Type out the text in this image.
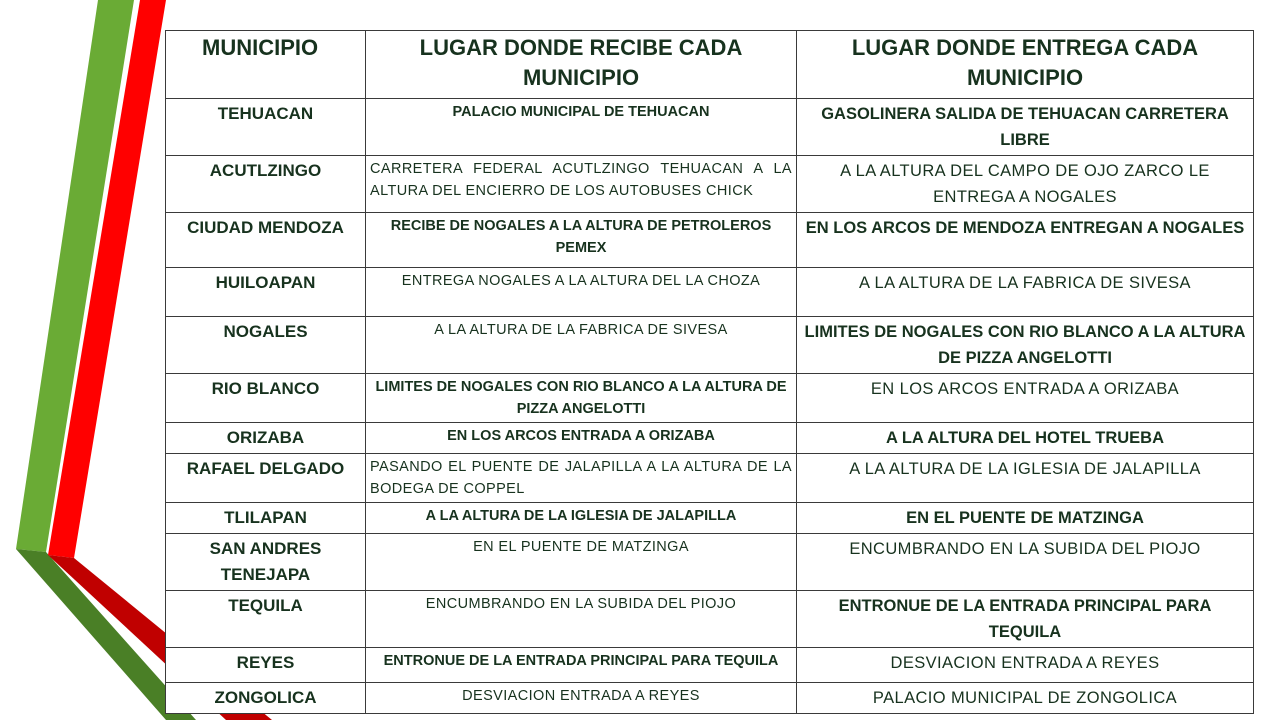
MUNICIPIO	LUGAR DONDE RECIBE CADA MUNICIPIO	LUGAR DONDE ENTREGA CADA MUNICIPIO
TEHUACAN	PALACIO MUNICIPAL DE TEHUACAN	GASOLINERA SALIDA DE TEHUACAN CARRETERA LIBRE
ACUTLZINGO	CARRETERA FEDERAL ACUTLZINGO TEHUACAN A LA ALTURA DEL ENCIERRO DE LOS AUTOBUSES CHICK	A LA ALTURA DEL CAMPO DE OJO ZARCO LE ENTREGA A NOGALES
CIUDAD MENDOZA	RECIBE DE NOGALES A LA ALTURA DE PETROLEROS PEMEX	EN LOS ARCOS DE MENDOZA ENTREGAN A NOGALES
HUILOAPAN	ENTREGA NOGALES A LA ALTURA DEL LA CHOZA	A LA ALTURA DE LA FABRICA DE SIVESA
NOGALES	A LA ALTURA DE LA FABRICA DE SIVESA	LIMITES DE NOGALES CON RIO BLANCO A LA ALTURA DE PIZZA ANGELOTTI
RIO BLANCO	LIMITES DE NOGALES CON RIO BLANCO A LA ALTURA DE PIZZA ANGELOTTI	EN LOS ARCOS ENTRADA A ORIZABA
ORIZABA	EN LOS ARCOS ENTRADA A ORIZABA	A LA ALTURA DEL HOTEL TRUEBA
RAFAEL DELGADO	PASANDO EL PUENTE DE JALAPILLA A LA ALTURA DE LA BODEGA DE COPPEL	A LA ALTURA DE LA IGLESIA DE JALAPILLA
TLILAPAN	A LA ALTURA DE LA IGLESIA DE JALAPILLA	EN EL PUENTE DE MATZINGA
SAN ANDRES TENEJAPA	EN EL PUENTE DE MATZINGA	ENCUMBRANDO EN LA SUBIDA DEL PIOJO
TEQUILA	ENCUMBRANDO EN LA SUBIDA DEL PIOJO	ENTRONUE DE LA ENTRADA PRINCIPAL PARA TEQUILA
REYES	ENTRONUE DE LA ENTRADA PRINCIPAL PARA TEQUILA	DESVIACION ENTRADA A REYES
ZONGOLICA	DESVIACION ENTRADA A REYES	PALACIO MUNICIPAL DE ZONGOLICA
